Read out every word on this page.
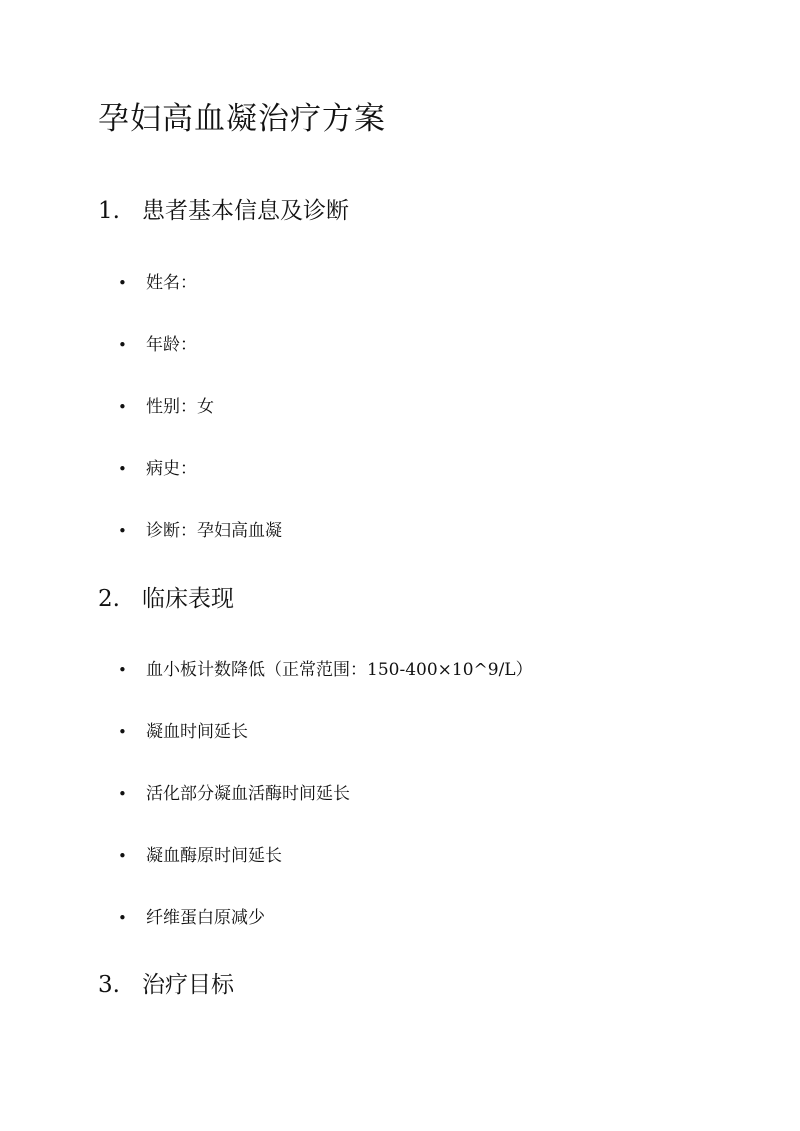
孕妇高血凝治疗方案
1. 患者基本信息及诊断
• 姓名：
• 年龄：
• 性别：女
• 病史：
• 诊断：孕妇高血凝
2. 临床表现
• 血小板计数降低（正常范围：150-400×10^9/L）
• 凝血时间延长
• 活化部分凝血活酶时间延长
• 凝血酶原时间延长
• 纤维蛋白原减少
3. 治疗目标
